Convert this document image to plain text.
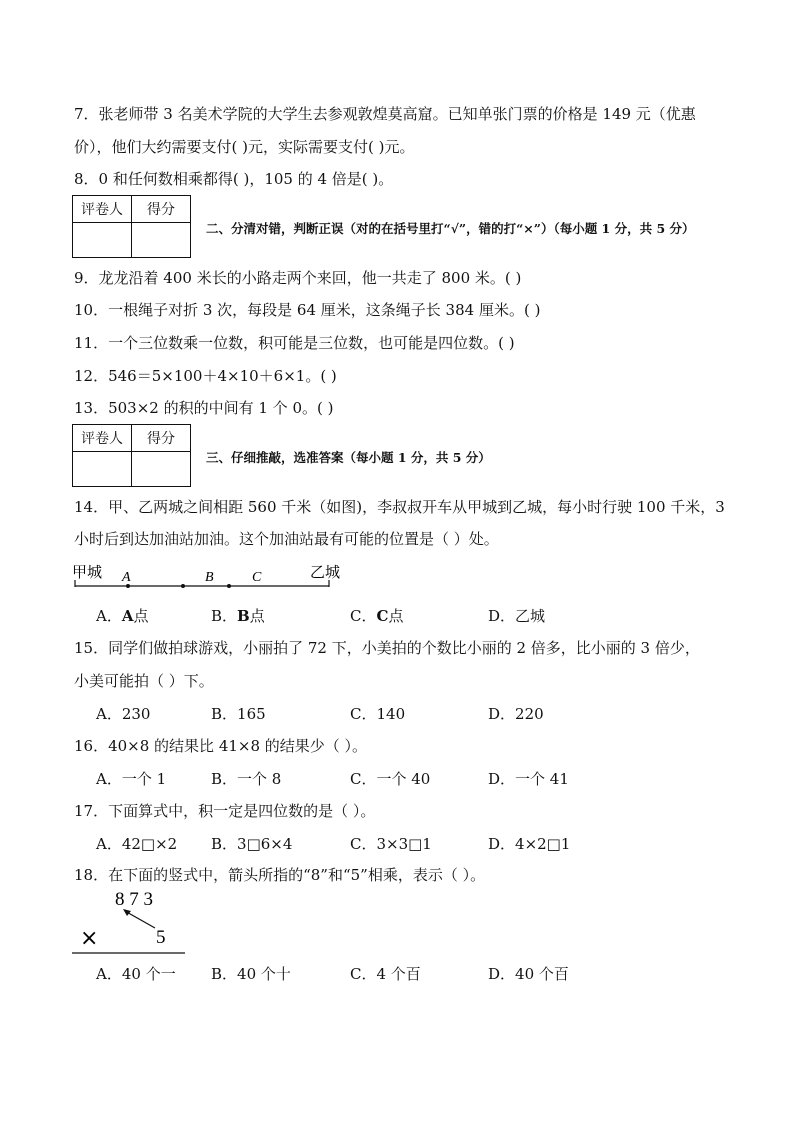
7．张老师带 3 名美术学院的大学生去参观敦煌莫高窟。已知单张门票的价格是 149 元（优惠
价），他们大约需要支付( )元，实际需要支付( )元。
8．0 和任何数相乘都得( )，105 的 4 倍是( )。
评卷人	得分

二、分清对错，判断正误（对的在括号里打“√”，错的打“×”）（每小题 1 分，共 5 分）
9．龙龙沿着 400 米长的小路走两个来回，他一共走了 800 米。( )
10．一根绳子对折 3 次，每段是 64 厘米，这条绳子长 384 厘米。( )
11．一个三位数乘一位数，积可能是三位数，也可能是四位数。( )
12．546＝5×100＋4×10＋6×1。( )
13．503×2 的积的中间有 1 个 0。( )
评卷人	得分

三、仔细推敲，选准答案（每小题 1 分，共 5 分）
14．甲、乙两城之间相距 560 千米（如图)，李叔叔开车从甲城到乙城，每小时行驶 100 千米，3
小时后到达加油站加油。这个加油站最有可能的位置是（ ）处。
甲城	乙城
A	B	C
8 7 3
×	5
A．A点	B．B点	C．C点	D．乙城
15．同学们做拍球游戏，小丽拍了 72 下，小美拍的个数比小丽的 2 倍多，比小丽的 3 倍少，
小美可能拍（ ）下。
A．230	B．165	C．140	D．220
16．40×8 的结果比 41×8 的结果少（ ）。
A．一个 1	B．一个 8	C．一个 40	D．一个 41
17．下面算式中，积一定是四位数的是（ ）。
A．42□×2 B．3□6×4	C．3×3□1	D．4×2□1
18．在下面的竖式中，箭头所指的“8”和“5”相乘，表示（ ）。
A．40 个一 B．40 个十	C．4 个百	D．40 个百
